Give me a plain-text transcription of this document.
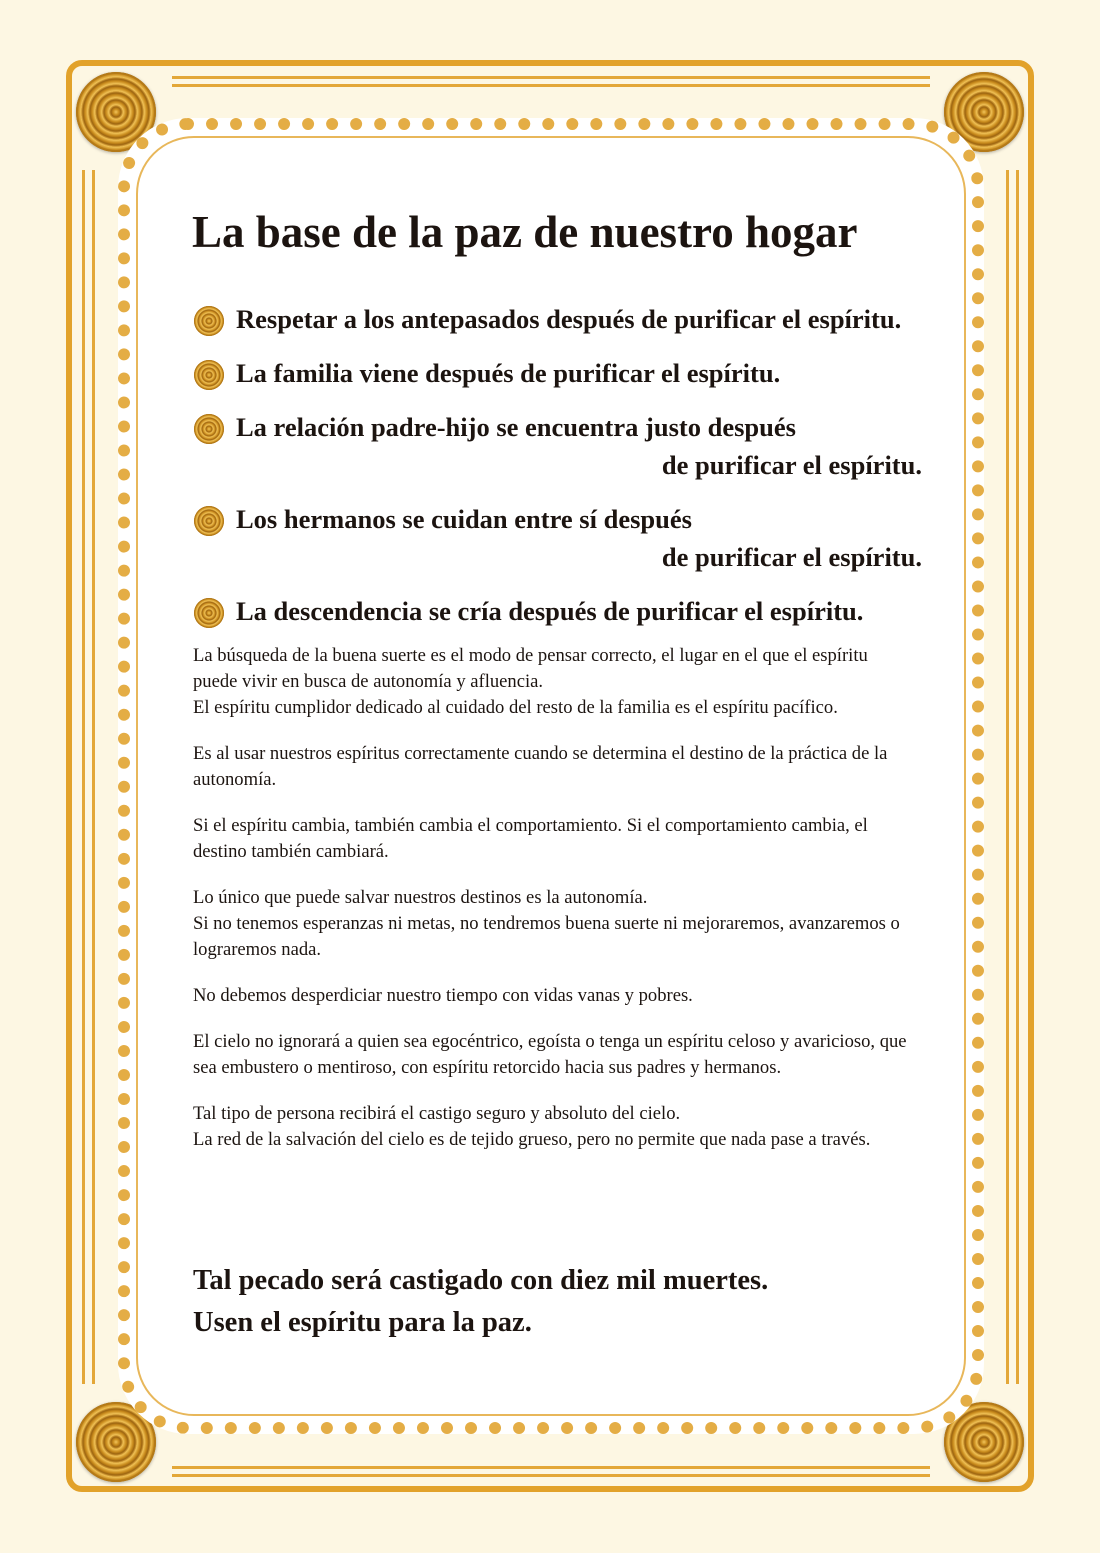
La base de la paz de nuestro hogar
Respetar a los antepasados después de purificar el espíritu.
La familia viene después de purificar el espíritu.
La relación padre-hijo se encuentra justo después
de purificar el espíritu.
Los hermanos se cuidan entre sí después
de purificar el espíritu.
La descendencia se cría después de purificar el espíritu.

La búsqueda de la buena suerte es el modo de pensar correcto, el lugar en el que el espíritu puede vivir en busca de autonomía y afluencia.
El espíritu cumplidor dedicado al cuidado del resto de la familia es el espíritu pacífico.

Es al usar nuestros espíritus correctamente cuando se determina el destino de la práctica de la autonomía.

Si el espíritu cambia, también cambia el comportamiento. Si el comportamiento cambia, el destino también cambiará.

Lo único que puede salvar nuestros destinos es la autonomía.
Si no tenemos esperanzas ni metas, no tendremos buena suerte ni mejoraremos, avanzaremos o lograremos nada.

No debemos desperdiciar nuestro tiempo con vidas vanas y pobres.

El cielo no ignorará a quien sea egocéntrico, egoísta o tenga un espíritu celoso y avaricioso, que sea embustero o mentiroso, con espíritu retorcido hacia sus padres y hermanos.

Tal tipo de persona recibirá el castigo seguro y absoluto del cielo.
La red de la salvación del cielo es de tejido grueso, pero no permite que nada pase a través.

Tal pecado será castigado con diez mil muertes.
Usen el espíritu para la paz.
